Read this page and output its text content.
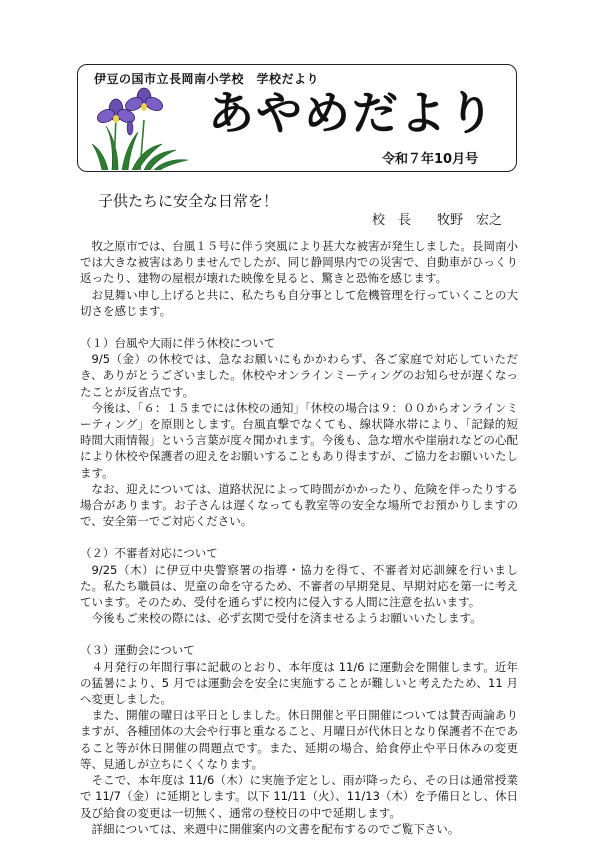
伊豆の国市立長岡南小学校　学校だより
あやめだより
令和７年10月号
子供たちに安全な日常を！
校　長　　牧野　宏之

牧之原市では、台風１５号に伴う突風により甚大な被害が発生しました。長岡南小では大きな被害はありませんでしたが、同じ静岡県内での災害で、自動車がひっくり返ったり、建物の屋根が壊れた映像を見ると、驚きと恐怖を感じます。

お見舞い申し上げると共に、私たちも自分事として危機管理を行っていくことの大切さを感じます。

（１）台風や大雨に伴う休校について

9/5（金）の休校では、急なお願いにもかかわらず、各ご家庭で対応していただき、ありがとうございました。休校やオンラインミーティングのお知らせが遅くなったことが反省点です。

今後は、「６：１５までには休校の通知」「休校の場合は９：００からオンラインミーティング」を原則とします。台風直撃でなくても、線状降水帯により、「記録的短時間大雨情報」という言葉が度々聞かれます。今後も、急な増水や崖崩れなどの心配により休校や保護者の迎えをお願いすることもあり得ますが、ご協力をお願いいたします。

なお、迎えについては、道路状況によって時間がかかったり、危険を伴ったりする場合があります。お子さんは遅くなっても教室等の安全な場所でお預かりしますので、安全第一でご対応ください。

（２）不審者対応について

9/25（木）に伊豆中央警察署の指導・協力を得て、不審者対応訓練を行いました。私たち職員は、児童の命を守るため、不審者の早期発見、早期対応を第一に考えています。そのため、受付を通らずに校内に侵入する人間に注意を払います。

今後もご来校の際には、必ず玄関で受付を済ませるようお願いいたします。

（３）運動会について

４月発行の年間行事に記載のとおり、本年度は 11/6 に運動会を開催します。近年の猛暑により、5 月では運動会を安全に実施することが難しいと考えたため、11 月へ変更しました。

また、開催の曜日は平日としました。休日開催と平日開催については賛否両論ありますが、各種団体の大会や行事と重なること、月曜日が代休日となり保護者不在であること等が休日開催の問題点です。また、延期の場合、給食停止や平日休みの変更等、見通しが立ちにくくなります。

そこで、本年度は 11/6（木）に実施予定とし、雨が降ったら、その日は通常授業で 11/7（金）に延期とします。以下 11/11（火）、11/13（木）を予備日とし、休日及び給食の変更は一切無く、通常の登校日の中で延期します。

詳細については、来週中に開催案内の文書を配布するのでご覧下さい。
